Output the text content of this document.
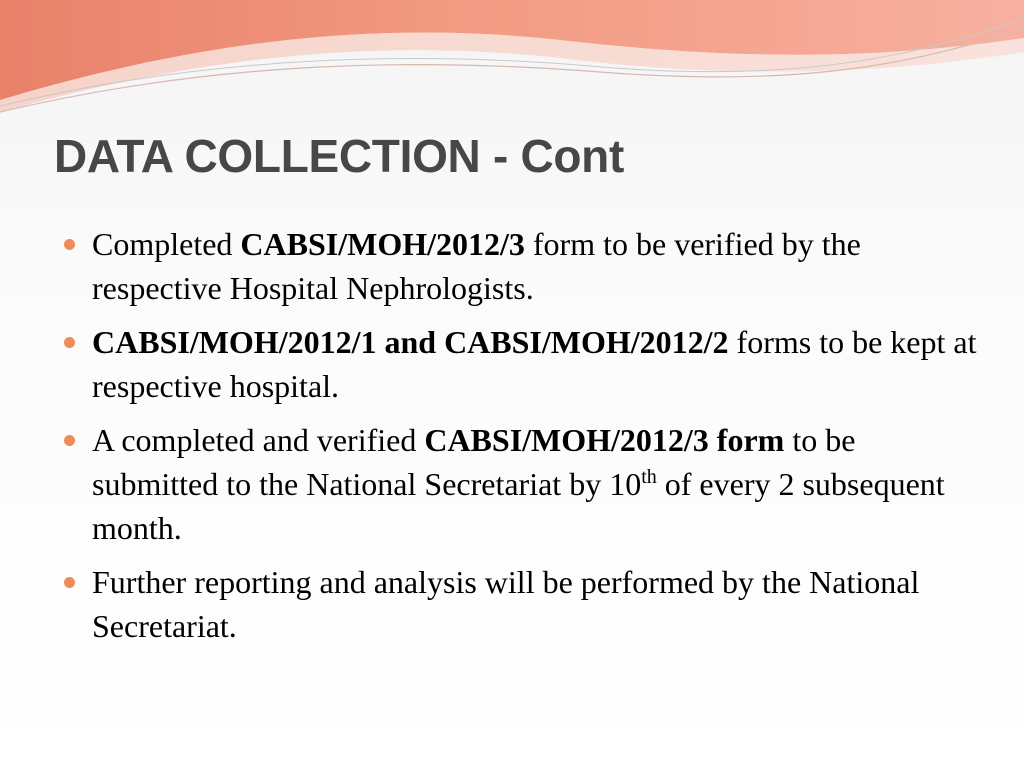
DATA COLLECTION - Cont
Completed CABSI/MOH/2012/3 form to be verified by the respective Hospital Nephrologists.
CABSI/MOH/2012/1 and CABSI/MOH/2012/2 forms to be kept at respective hospital.
A completed and verified CABSI/MOH/2012/3 form to be submitted to the National Secretariat by 10th of every 2 subsequent month.
Further reporting and analysis will be performed by the National Secretariat.
